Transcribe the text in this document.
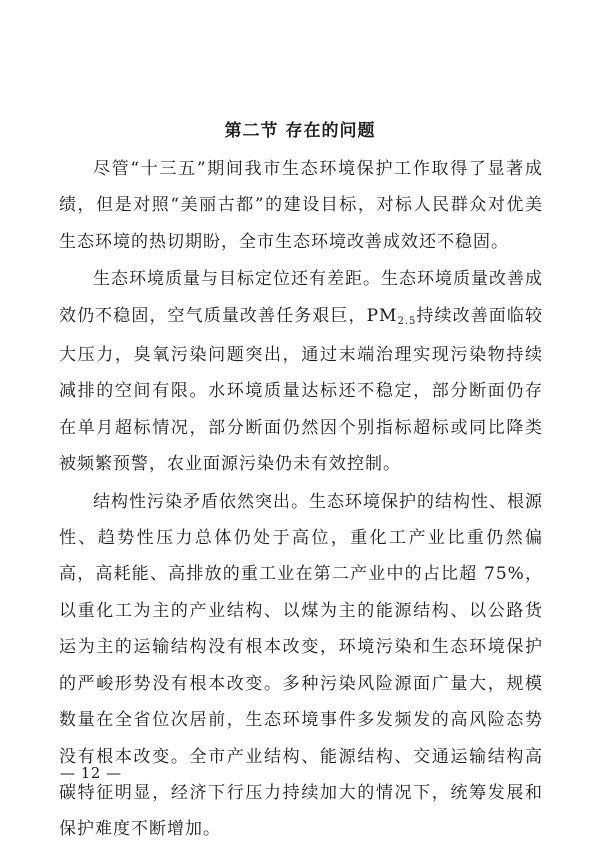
第二节 存在的问题

尽管“十三五”期间我市生态环境保护工作取得了显著成绩，但是对照“美丽古都”的建设目标，对标人民群众对优美生态环境的热切期盼，全市生态环境改善成效还不稳固。

生态环境质量与目标定位还有差距。生态环境质量改善成效仍不稳固，空气质量改善任务艰巨，$PM_{2.5}$持续改善面临较大压力，臭氧污染问题突出，通过末端治理实现污染物持续减排的空间有限。水环境质量达标还不稳定，部分断面仍存在单月超标情况，部分断面仍然因个别指标超标或同比降类被频繁预警，农业面源污染仍未有效控制。

结构性污染矛盾依然突出。生态环境保护的结构性、根源性、趋势性压力总体仍处于高位，重化工产业比重仍然偏高，高耗能、高排放的重工业在第二产业中的占比超 75%，以重化工为主的产业结构、以煤为主的能源结构、以公路货运为主的运输结构没有根本改变，环境污染和生态环境保护的严峻形势没有根本改变。多种污染风险源面广量大，规模数量在全省位次居前，生态环境事件多发频发的高风险态势没有根本改变。全市产业结构、能源结构、交通运输结构高碳特征明显，经济下行压力持续加大的情况下，统筹发展和保护难度不断增加。

— 12 —
